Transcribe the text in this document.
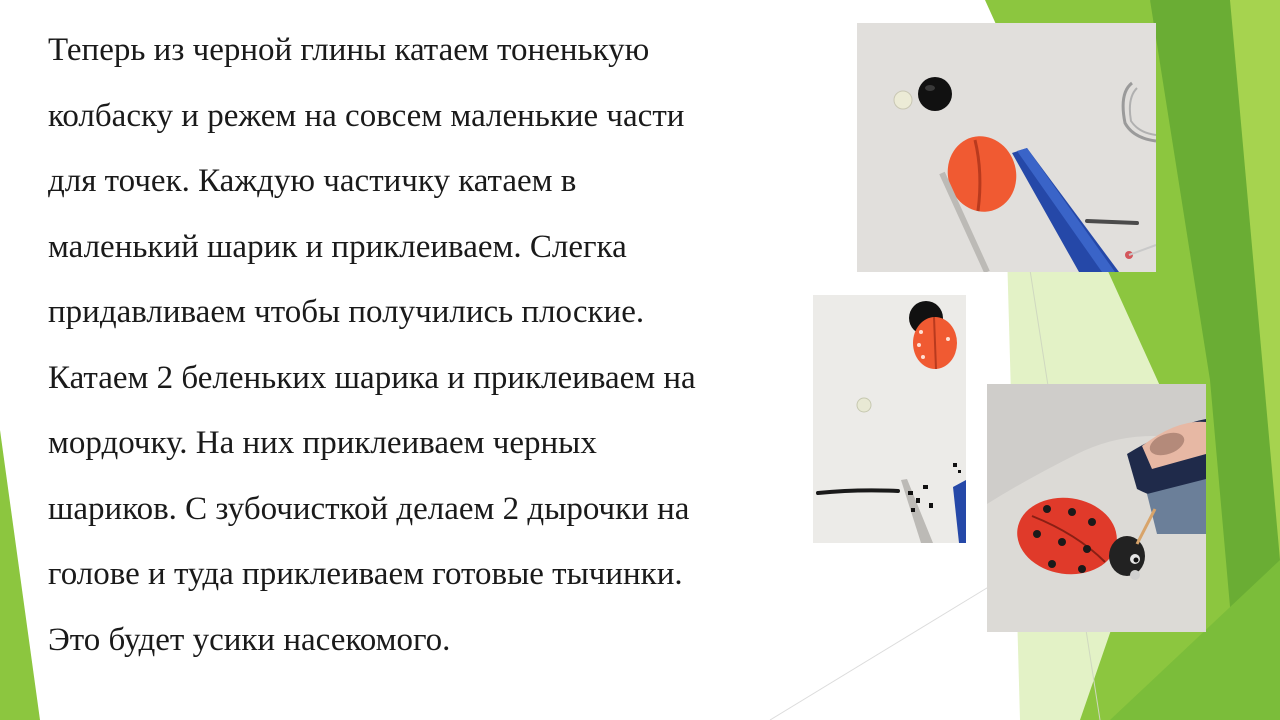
Теперь из черной глины катаем тоненькую
колбаску и режем на совсем маленькие части
для точек. Каждую частичку катаем в
маленький шарик и приклеиваем. Слегка
придавливаем чтобы получились плоские.
Катаем 2 беленьких шарика и приклеиваем на
мордочку. На них приклеиваем черных
шариков. С зубочисткой делаем 2 дырочки на
голове и туда приклеиваем готовые тычинки.
Это будет усики насекомого.
